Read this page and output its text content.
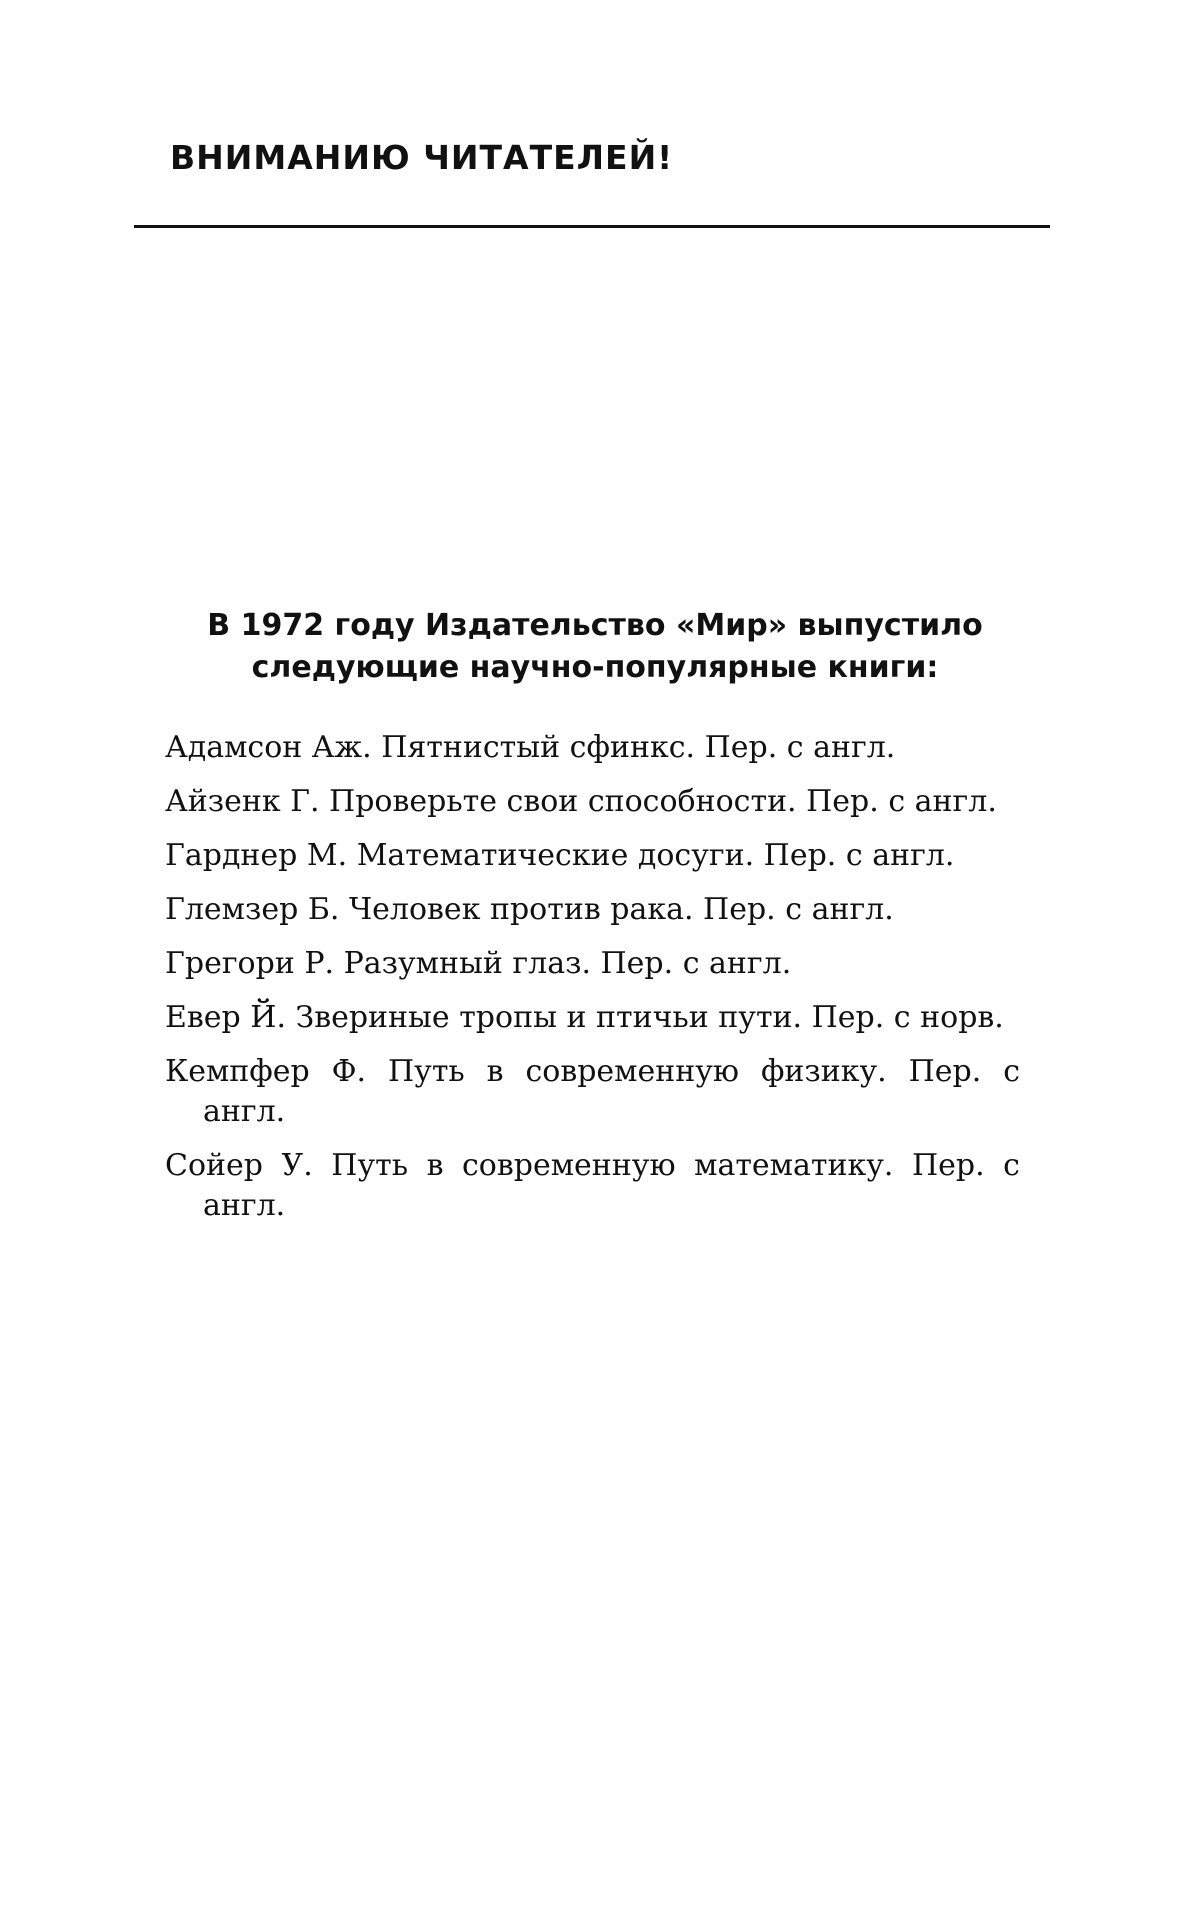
ВНИМАНИЮ ЧИТАТЕЛЕЙ!
В 1972 году Издательство «Мир» выпустило
следующие научно-популярные книги:
Адамсон Аж. Пятнистый сфинкс. Пер. с англ.
Айзенк Г. Проверьте свои способности. Пер. с англ.
Гарднер М. Математические досуги. Пер. с англ.
Глемзер Б. Человек против рака. Пер. с англ.
Грегори Р. Разумный глаз. Пер. с англ.
Евер Й. Звериные тропы и птичьи пути. Пер. с норв.
Кемпфер Ф. Путь в современную физику. Пер. с англ.
Сойер У. Путь в современную математику. Пер. с англ.
